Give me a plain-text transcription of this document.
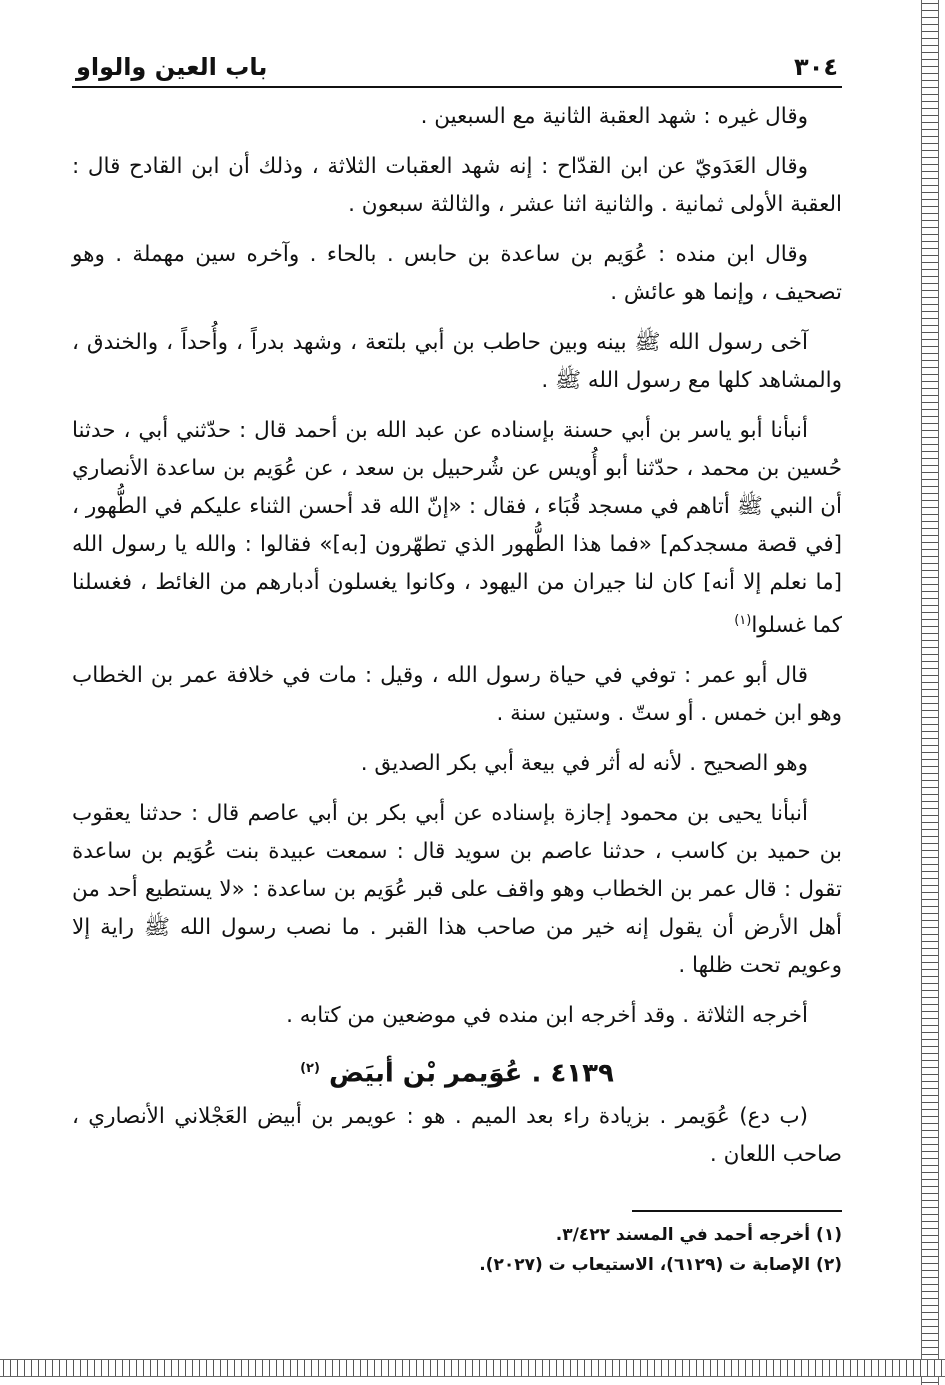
٣٠٤
باب العين والواو

وقال غيره : شهد العقبة الثانية مع السبعين .

وقال العَدَويّ عن ابن القدّاح : إنه شهد العقبات الثلاثة ، وذلك أن ابن القادح قال : العقبة الأولى ثمانية . والثانية اثنا عشر ، والثالثة سبعون .

وقال ابن منده : عُوَيم بن ساعدة بن حابس . بالحاء . وآخره سين مهملة . وهو تصحيف ، وإنما هو عائش .

آخى رسول الله ﷺ بينه وبين حاطب بن أبي بلتعة ، وشهد بدراً ، وأُحداً ، والخندق ، والمشاهد كلها مع رسول الله ﷺ .

أنبأنا أبو ياسر بن أبي حسنة بإسناده عن عبد الله بن أحمد قال : حدّثني أبي ، حدثنا حُسين بن محمد ، حدّثنا أبو أُويس عن شُرحبيل بن سعد ، عن عُوَيم بن ساعدة الأنصاري أن النبي ﷺ أتاهم في مسجد قُبَاء ، فقال : «إنّ الله قد أحسن الثناء عليكم في الطُّهور ، [في قصة مسجدكم] «فما هذا الطُّهور الذي تطهّرون [به]» فقالوا : والله يا رسول الله [ما نعلم إلا أنه] كان لنا جيران من اليهود ، وكانوا يغسلون أدبارهم من الغائط ، فغسلنا كما غسلوا$^{(١)}$

قال أبو عمر : توفي في حياة رسول الله ، وقيل : مات في خلافة عمر بن الخطاب وهو ابن خمس . أو ستّ . وستين سنة .

وهو الصحيح . لأنه له أثر في بيعة أبي بكر الصديق .

أنبأنا يحيى بن محمود إجازة بإسناده عن أبي بكر بن أبي عاصم قال : حدثنا يعقوب بن حميد بن كاسب ، حدثنا عاصم بن سويد قال : سمعت عبيدة بنت عُوَيم بن ساعدة تقول : قال عمر بن الخطاب وهو واقف على قبر عُوَيم بن ساعدة : «لا يستطيع أحد من أهل الأرض أن يقول إنه خير من صاحب هذا القبر . ما نصب رسول الله ﷺ راية إلا وعويم تحت ظلها .

أخرجه الثلاثة . وقد أخرجه ابن منده في موضعين من كتابه .

٤١٣٩ . عُوَيمر بْن أبيَض $^{(٢)}$

(ب دع) عُوَيمر . بزيادة راء بعد الميم . هو : عويمر بن أبيض العَجْلاني الأنصاري ، صاحب اللعان .

(١) أخرجه أحمد في المسند ٣/٤٢٢.
(٢) الإصابة ت (٦١٢٩)، الاستيعاب ت (٢٠٢٧).
